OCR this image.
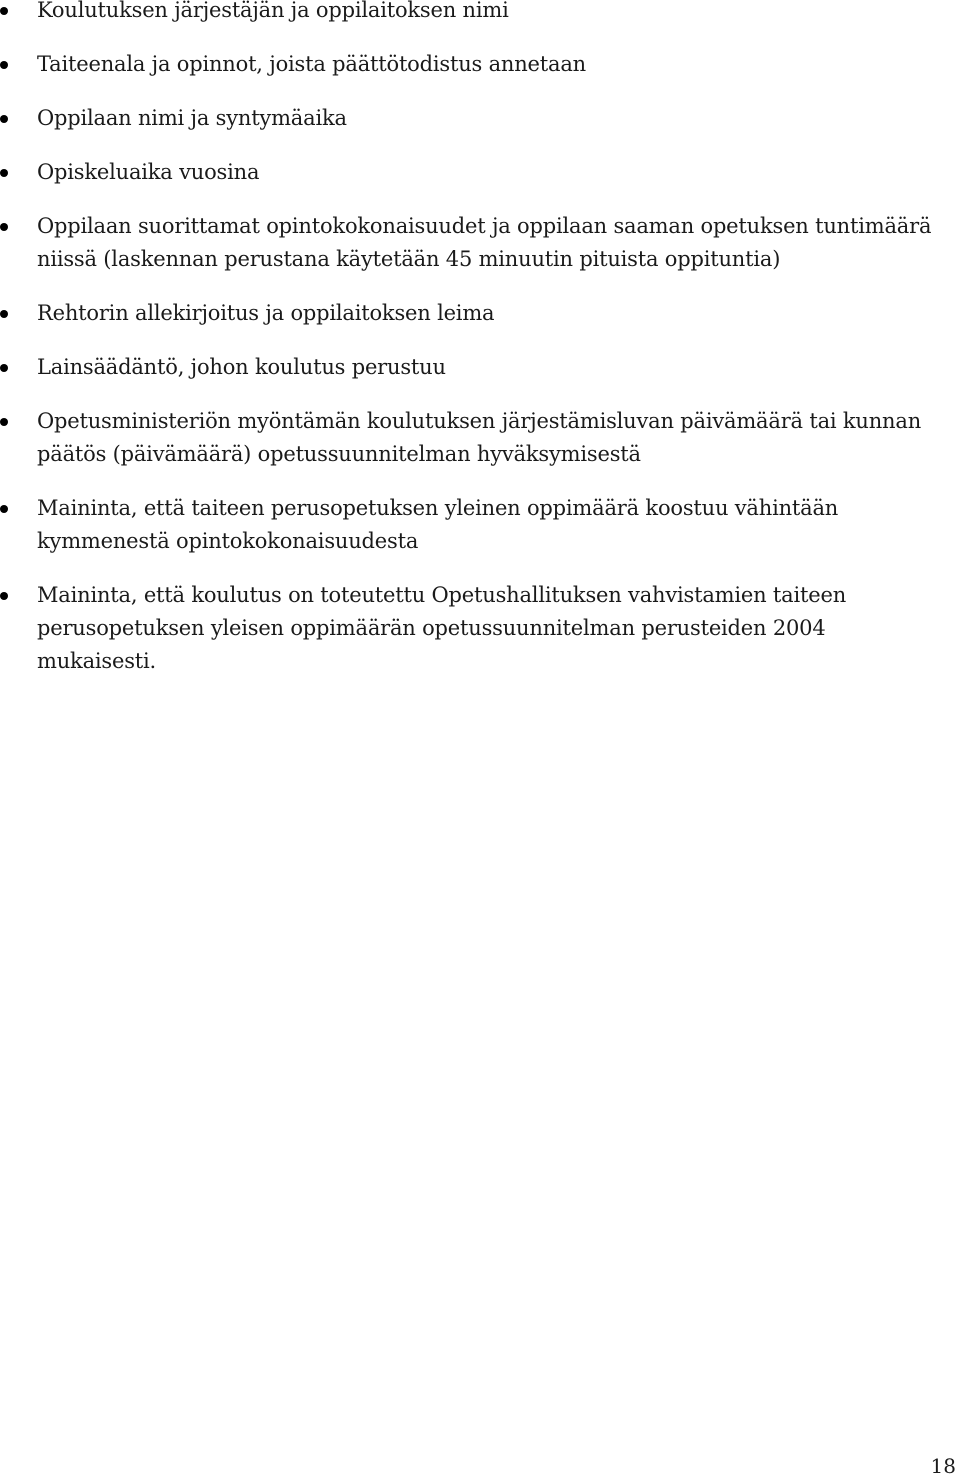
Koulutuksen järjestäjän ja oppilaitoksen nimi
Taiteenala ja opinnot, joista päättötodistus annetaan
Oppilaan nimi ja syntymäaika
Opiskeluaika vuosina
Oppilaan suorittamat opintokokonaisuudet ja oppilaan saaman opetuksen tuntimäärä niissä (laskennan perustana käytetään 45 minuutin pituista oppituntia)
Rehtorin allekirjoitus ja oppilaitoksen leima
Lainsäädäntö, johon koulutus perustuu
Opetusministeriön myöntämän koulutuksen järjestämisluvan päivämäärä tai kunnan päätös (päivämäärä) opetussuunnitelman hyväksymisestä
Maininta, että taiteen perusopetuksen yleinen oppimäärä koostuu vähintään kymmenestä opintokokonaisuudesta
Maininta, että koulutus on toteutettu Opetushallituksen vahvistamien taiteen perusopetuksen yleisen oppimäärän opetussuunnitelman perusteiden 2004 mukaisesti.
18
